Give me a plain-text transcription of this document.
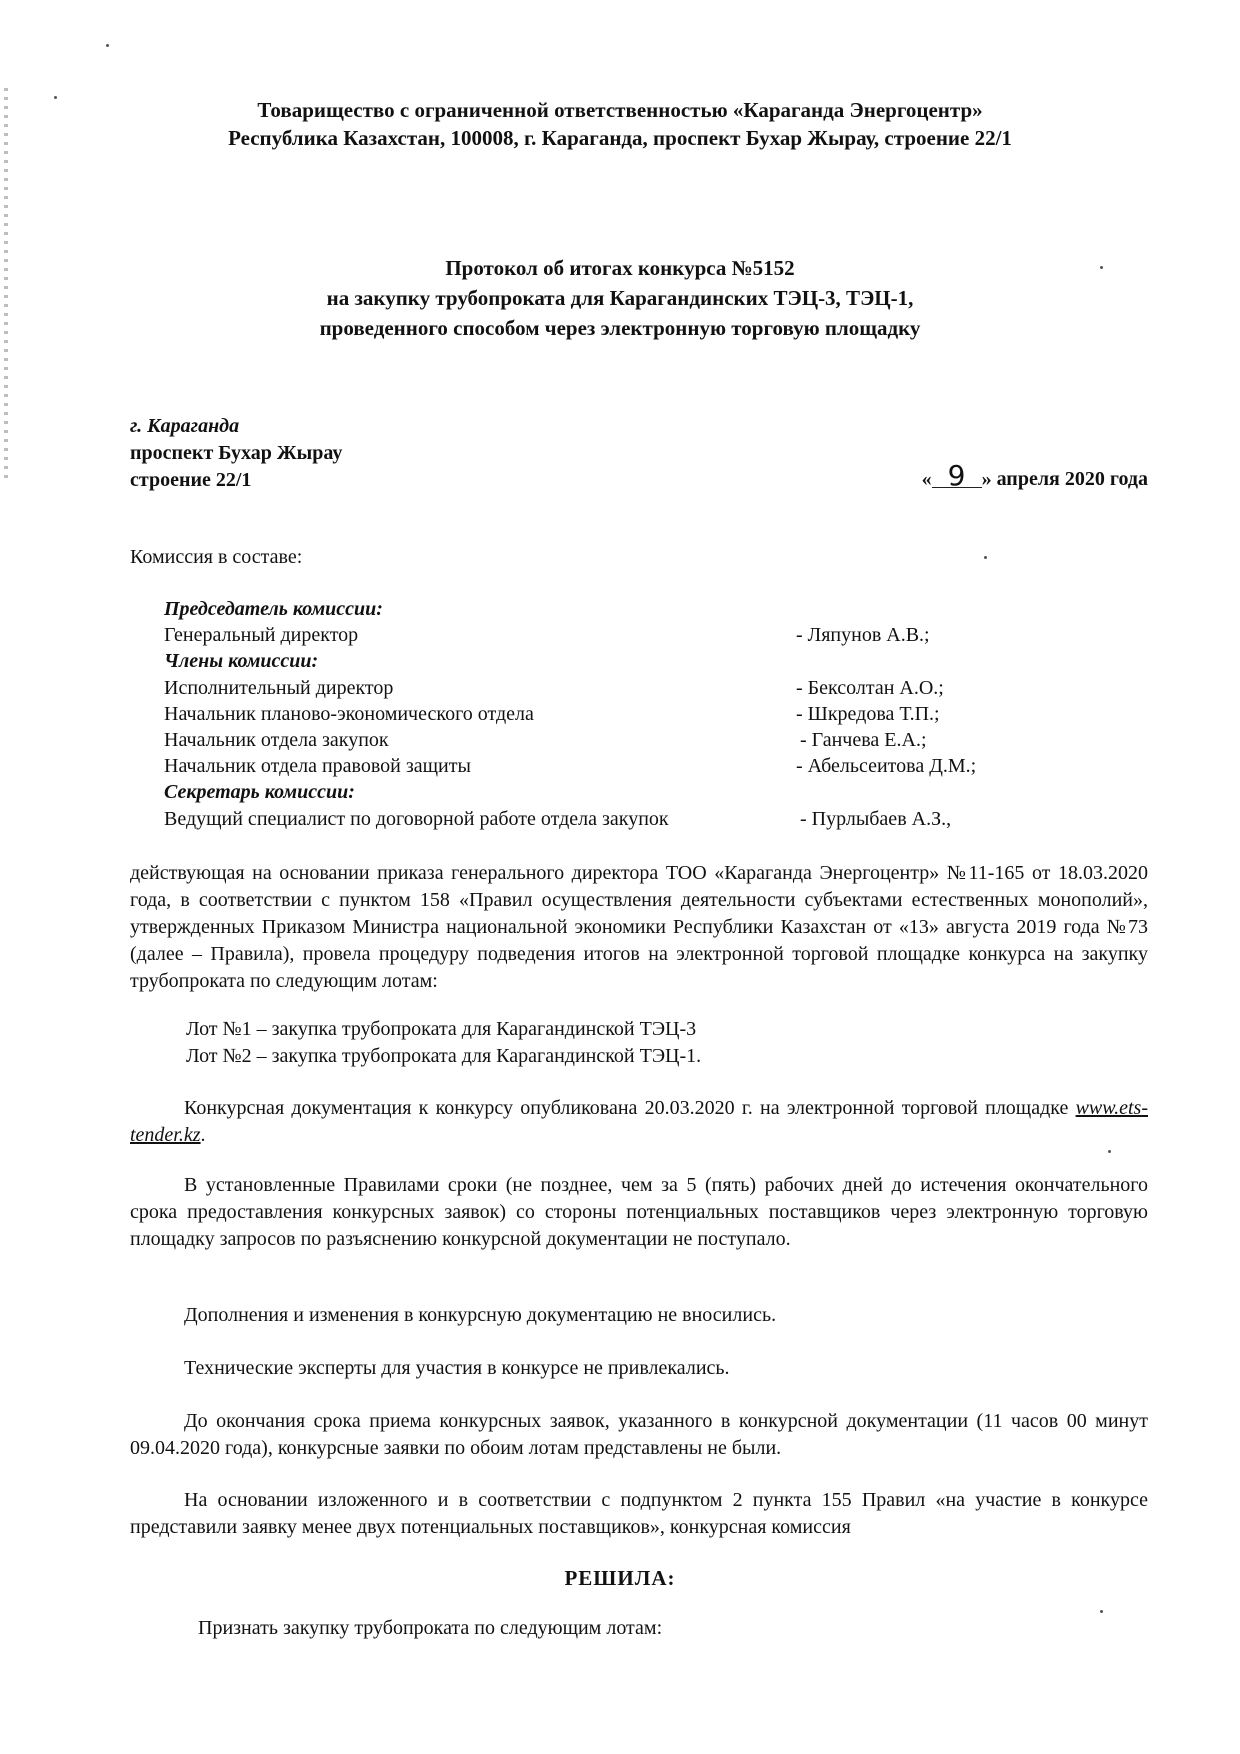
Товарищество с ограниченной ответственностью «Караганда Энергоцентр»
Республика Казахстан, 100008, г. Караганда, проспект Бухар Жырау, строение 22/1
Протокол об итогах конкурса №5152
на закупку трубопроката для Карагандинских ТЭЦ-3, ТЭЦ-1,
проведенного способом через электронную торговую площадку
г. Караганда
проспект Бухар Жырау
строение 22/1	« 9 » апреля 2020 года
Комиссия в составе:
Председатель комиссии:
Генеральный директор	- Ляпунов А.В.;
Члены комиссии:
Исполнительный директор	- Бексолтан А.О.;
Начальник планово-экономического отдела	- Шкредова Т.П.;
Начальник отдела закупок	- Ганчева Е.А.;
Начальник отдела правовой защиты	- Абельсеитова Д.М.;
Секретарь комиссии:
Ведущий специалист по договорной работе отдела закупок	- Пурлыбаев А.З.,
действующая на основании приказа генерального директора ТОО «Караганда Энергоцентр» №11-165 от 18.03.2020 года, в соответствии с пунктом 158 «Правил осуществления деятельности субъектами естественных монополий», утвержденных Приказом Министра национальной экономики Республики Казахстан от «13» августа 2019 года №73 (далее – Правила), провела процедуру подведения итогов на электронной торговой площадке конкурса на закупку трубопроката по следующим лотам:
Лот №1 – закупка трубопроката для Карагандинской ТЭЦ-3
Лот №2 – закупка трубопроката для Карагандинской ТЭЦ-1.
Конкурсная документация к конкурсу опубликована 20.03.2020 г. на электронной торговой площадке www.ets-tender.kz.
В установленные Правилами сроки (не позднее, чем за 5 (пять) рабочих дней до истечения окончательного срока предоставления конкурсных заявок) со стороны потенциальных поставщиков через электронную торговую площадку запросов по разъяснению конкурсной документации не поступало.
Дополнения и изменения в конкурсную документацию не вносились.
Технические эксперты для участия в конкурсе не привлекались.
До окончания срока приема конкурсных заявок, указанного в конкурсной документации (11 часов 00 минут 09.04.2020 года), конкурсные заявки по обоим лотам представлены не были.
На основании изложенного и в соответствии с подпунктом 2 пункта 155 Правил «на участие в конкурсе представили заявку менее двух потенциальных поставщиков», конкурсная комиссия
РЕШИЛА:
Признать закупку трубопроката по следующим лотам:
